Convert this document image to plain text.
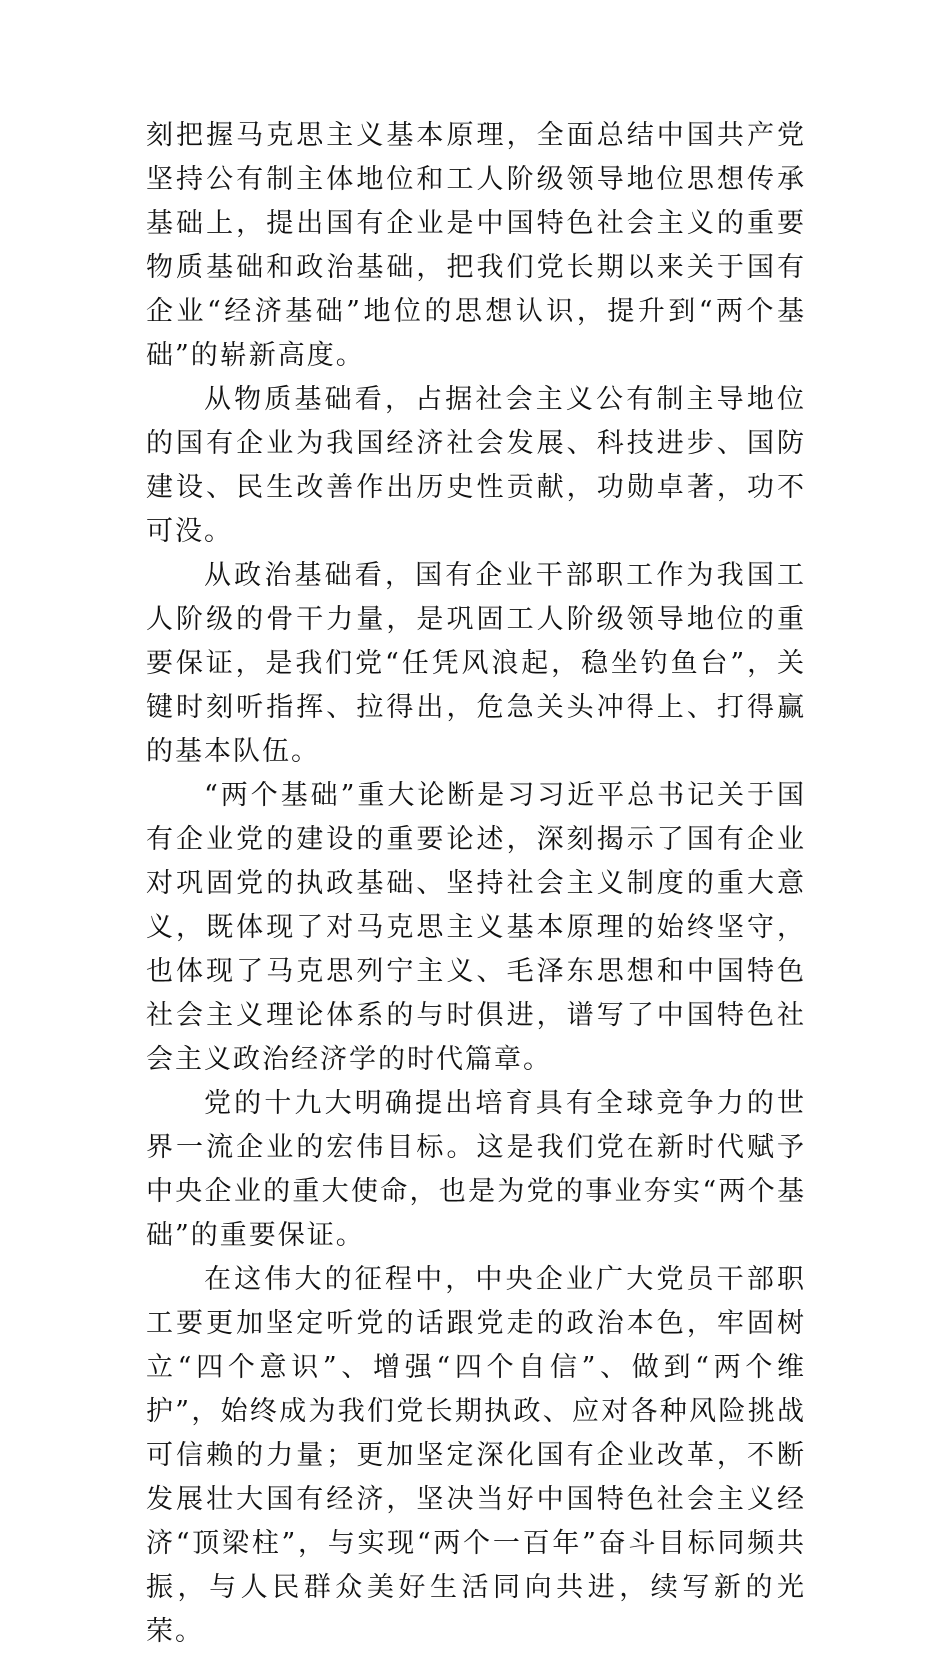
刻把握马克思主义基本原理，全面总结中国共产党坚持公有制主体地位和工人阶级领导地位思想传承基础上，提出国有企业是中国特色社会主义的重要物质基础和政治基础，把我们党长期以来关于国有企业“经济基础”地位的思想认识，提升到“两个基础”的崭新高度。

从物质基础看，占据社会主义公有制主导地位的国有企业为我国经济社会发展、科技进步、国防建设、民生改善作出历史性贡献，功勋卓著，功不可没。

从政治基础看，国有企业干部职工作为我国工人阶级的骨干力量，是巩固工人阶级领导地位的重要保证，是我们党“任凭风浪起，稳坐钓鱼台”，关键时刻听指挥、拉得出，危急关头冲得上、打得赢的基本队伍。

“两个基础”重大论断是习习近平总书记关于国有企业党的建设的重要论述，深刻揭示了国有企业对巩固党的执政基础、坚持社会主义制度的重大意义，既体现了对马克思主义基本原理的始终坚守，也体现了马克思列宁主义、毛泽东思想和中国特色社会主义理论体系的与时俱进，谱写了中国特色社会主义政治经济学的时代篇章。

党的十九大明确提出培育具有全球竞争力的世界一流企业的宏伟目标。这是我们党在新时代赋予中央企业的重大使命，也是为党的事业夯实“两个基础”的重要保证。

在这伟大的征程中，中央企业广大党员干部职工要更加坚定听党的话跟党走的政治本色，牢固树立“四个意识”、增强“四个自信”、做到“两个维护”，始终成为我们党长期执政、应对各种风险挑战可信赖的力量；更加坚定深化国有企业改革，不断发展壮大国有经济，坚决当好中国特色社会主义经济“顶梁柱”，与实现“两个一百年”奋斗目标同频共振，与人民群众美好生活同向共进，续写新的光荣。
